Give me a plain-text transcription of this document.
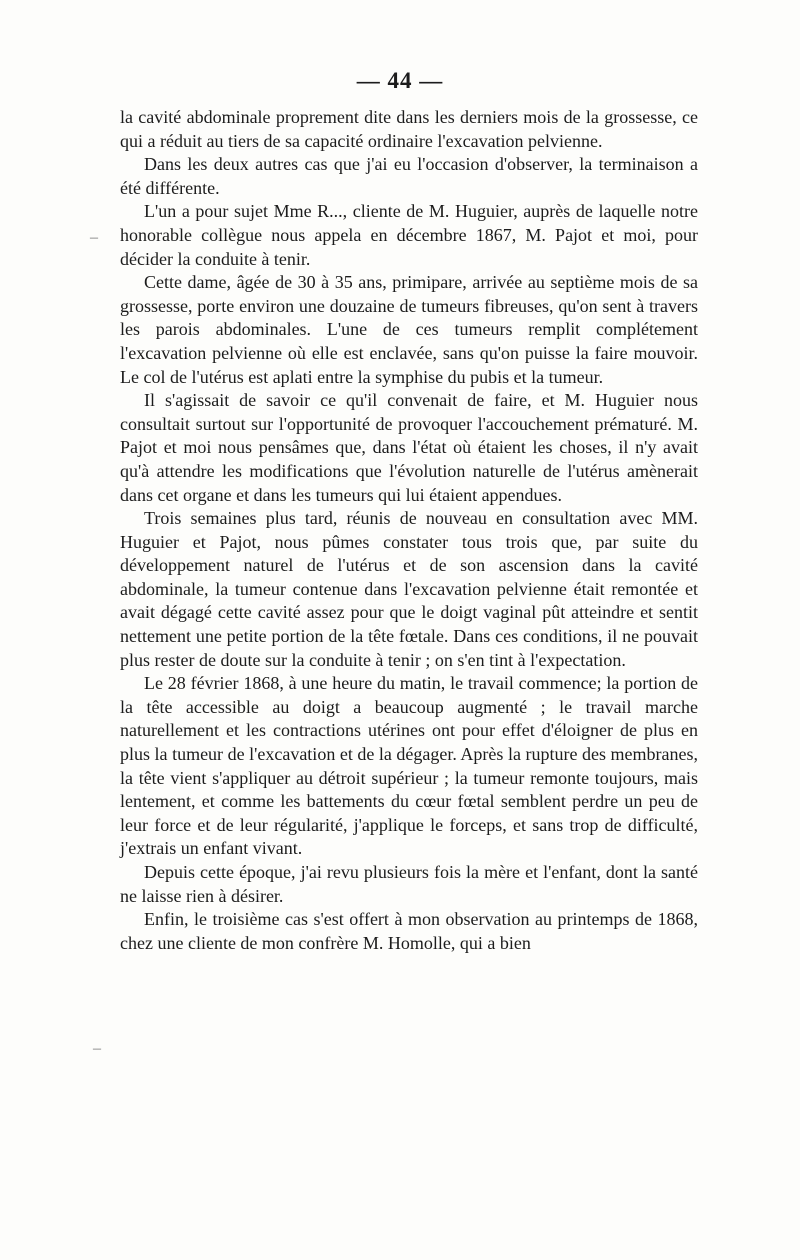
— 44 —
–
–

la cavité abdominale proprement dite dans les derniers mois de la grossesse, ce qui a réduit au tiers de sa capacité ordinaire l'excavation pelvienne.

Dans les deux autres cas que j'ai eu l'occasion d'observer, la terminaison a été différente.

L'un a pour sujet Mme R..., cliente de M. Huguier, auprès de laquelle notre honorable collègue nous appela en décembre 1867, M. Pajot et moi, pour décider la conduite à tenir.

Cette dame, âgée de 30 à 35 ans, primipare, arrivée au septième mois de sa grossesse, porte environ une douzaine de tumeurs fibreuses, qu'on sent à travers les parois abdominales. L'une de ces tumeurs remplit complétement l'excavation pelvienne où elle est enclavée, sans qu'on puisse la faire mouvoir. Le col de l'utérus est aplati entre la symphise du pubis et la tumeur.

Il s'agissait de savoir ce qu'il convenait de faire, et M. Huguier nous consultait surtout sur l'opportunité de provoquer l'accouchement prématuré. M. Pajot et moi nous pensâmes que, dans l'état où étaient les choses, il n'y avait qu'à attendre les modifications que l'évolution naturelle de l'utérus amènerait dans cet organe et dans les tumeurs qui lui étaient appendues.

Trois semaines plus tard, réunis de nouveau en consultation avec MM. Huguier et Pajot, nous pûmes constater tous trois que, par suite du développement naturel de l'utérus et de son ascension dans la cavité abdominale, la tumeur contenue dans l'excavation pelvienne était remontée et avait dégagé cette cavité assez pour que le doigt vaginal pût atteindre et sentit nettement une petite portion de la tête fœtale. Dans ces conditions, il ne pouvait plus rester de doute sur la conduite à tenir ; on s'en tint à l'expectation.

Le 28 février 1868, à une heure du matin, le travail commence; la portion de la tête accessible au doigt a beaucoup augmenté ; le travail marche naturellement et les contractions utérines ont pour effet d'éloigner de plus en plus la tumeur de l'excavation et de la dégager. Après la rupture des membranes, la tête vient s'appliquer au détroit supérieur ; la tumeur remonte toujours, mais lentement, et comme les battements du cœur fœtal semblent perdre un peu de leur force et de leur régularité, j'applique le forceps, et sans trop de difficulté, j'extrais un enfant vivant.

Depuis cette époque, j'ai revu plusieurs fois la mère et l'enfant, dont la santé ne laisse rien à désirer.

Enfin, le troisième cas s'est offert à mon observation au printemps de 1868, chez une cliente de mon confrère M. Homolle, qui a bien
